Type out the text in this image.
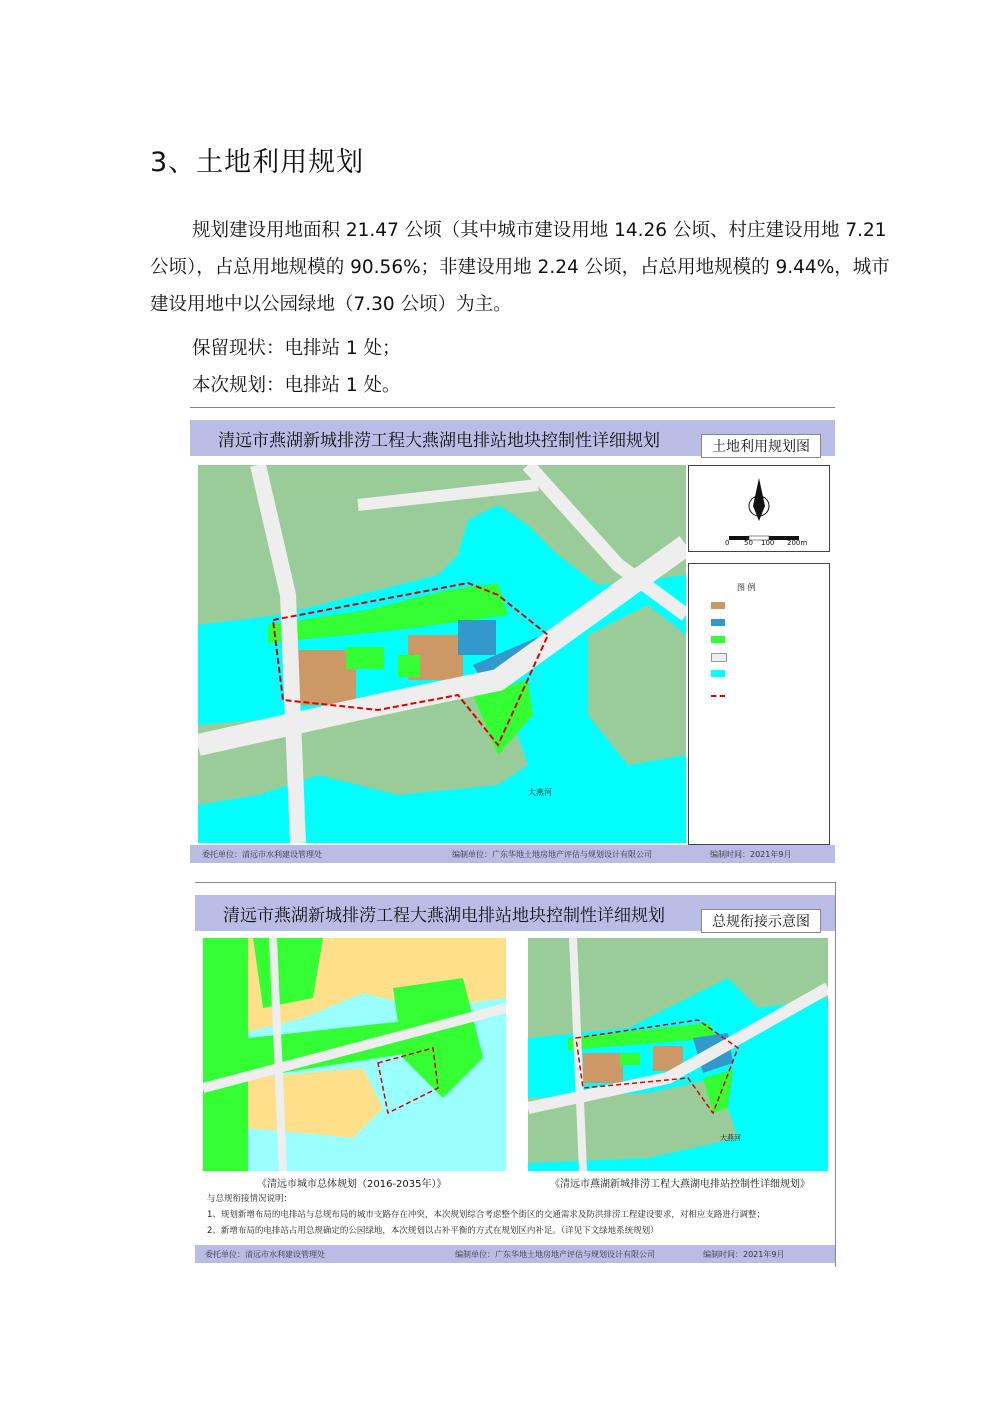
3、土地利用规划

规划建设用地面积 21.47 公顷（其中城市建设用地 14.26 公顷、村庄建设用地 7.21 公顷），占总用地规模的 90.56%；非建设用地 2.24 公顷，占总用地规模的 9.44%，城市建设用地中以公园绿地（7.30 公顷）为主。

保留现状：电排站 1 处；

本次规划：电排站 1 处。

清远市燕湖新城排涝工程大燕湖电排站地块控制性详细规划	土地利用规划图
大燕河
0 50 100 200m
图 例
委托单位：清远市水利建设管理处	编制单位：广东华地土地房地产评估与规划设计有限公司	编制时间：2021年9月
清远市燕湖新城排涝工程大燕湖电排站地块控制性详细规划	总规衔接示意图
大燕河
《清远市城市总体规划（2016-2035年）》	《清远市燕湖新城排涝工程大燕湖电排站控制性详细规划》
与总规衔接情况说明：
1、规划新增布局的电排站与总规布局的城市支路存在冲突，本次规划综合考虑整个街区的交通需求及防洪排涝工程建设要求，对相应支路进行调整；
2、新增布局的电排站占用总规确定的公园绿地，本次规划以占补平衡的方式在规划区内补足。（详见下文绿地系统规划）
委托单位：清远市水利建设管理处	编制单位：广东华地土地房地产评估与规划设计有限公司	编制时间：2021年9月
